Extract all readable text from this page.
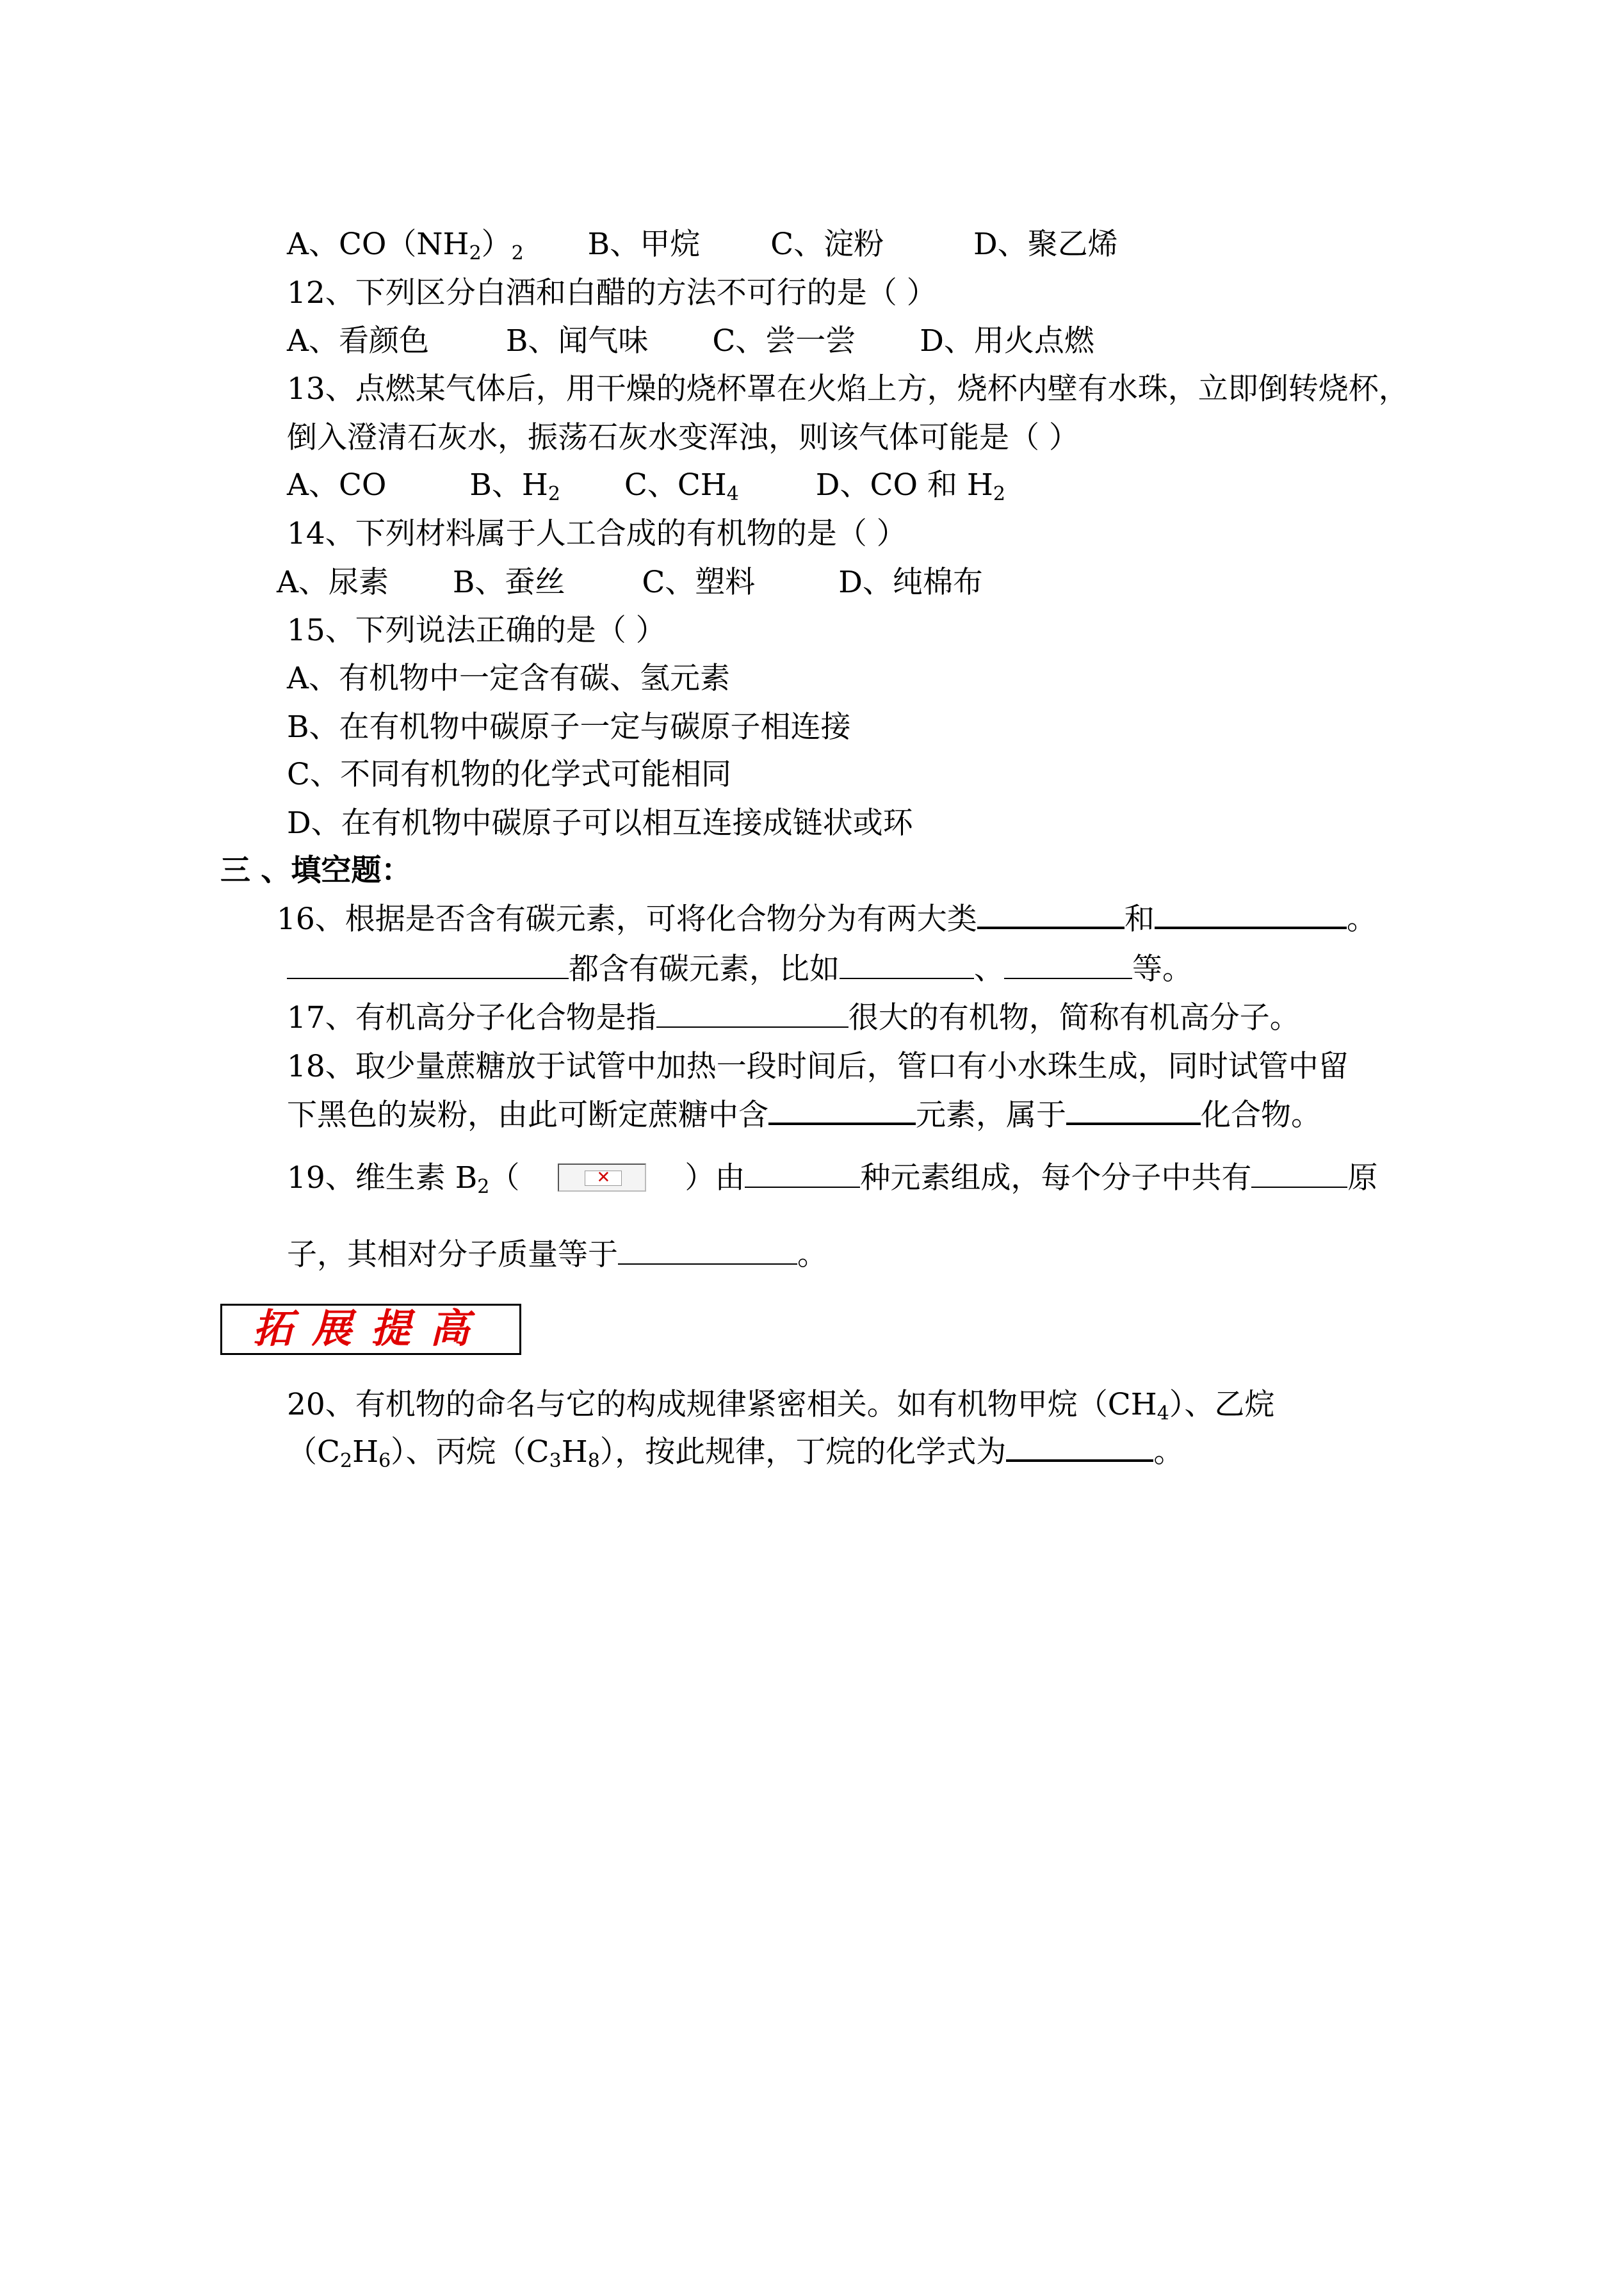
A、$CO(NH_2)_2$ B、甲烷 C、淀粉	D、聚乙烯
12、下列区分白酒和白醋的方法不可行的是（ ）
A、看颜色	B、闻气味 C、尝一尝 D、用火点燃
13、点燃某气体后，用干燥的烧杯罩在火焰上方，烧杯内壁有水珠，立即倒转烧杯，
倒入澄清石灰水，振荡石灰水变浑浊，则该气体可能是（ ）
A、CO	B、$H_2$ C、$CH_4$	D、CO 和 $H_2$
14、下列材料属于人工合成的有机物的是（ ）
A、尿素 B、蚕丝	C、塑料	D、纯棉布
15、下列说法正确的是（ ）
A、有机物中一定含有碳、氢元素
B、在有机物中碳原子一定与碳原子相连接
C、不同有机物的化学式可能相同
D、在有机物中碳原子可以相互连接成链状或环
三 、填空题：
16、根据是否含有碳元素，可将化合物分为有两大类	和	。
都含有碳元素，比如	、	等。
17、有机高分子化合物是指	很大的有机物，简称有机高分子。
18、取少量蔗糖放于试管中加热一段时间后，管口有小水珠生成，同时试管中留
下黑色的炭粉，由此可断定蔗糖中含	元素，属于	化合物。
19、维生素 $B_2$（	✕	）由	种元素组成，每个分子中共有	原
子，其相对分子质量等于	。
拓展提高
20、有机物的命名与它的构成规律紧密相关。如有机物甲烷$(CH_4)$、乙烷
$(C_2H_6)$、丙烷$(C_3H_8)$，按此规律，丁烷的化学式为	。
